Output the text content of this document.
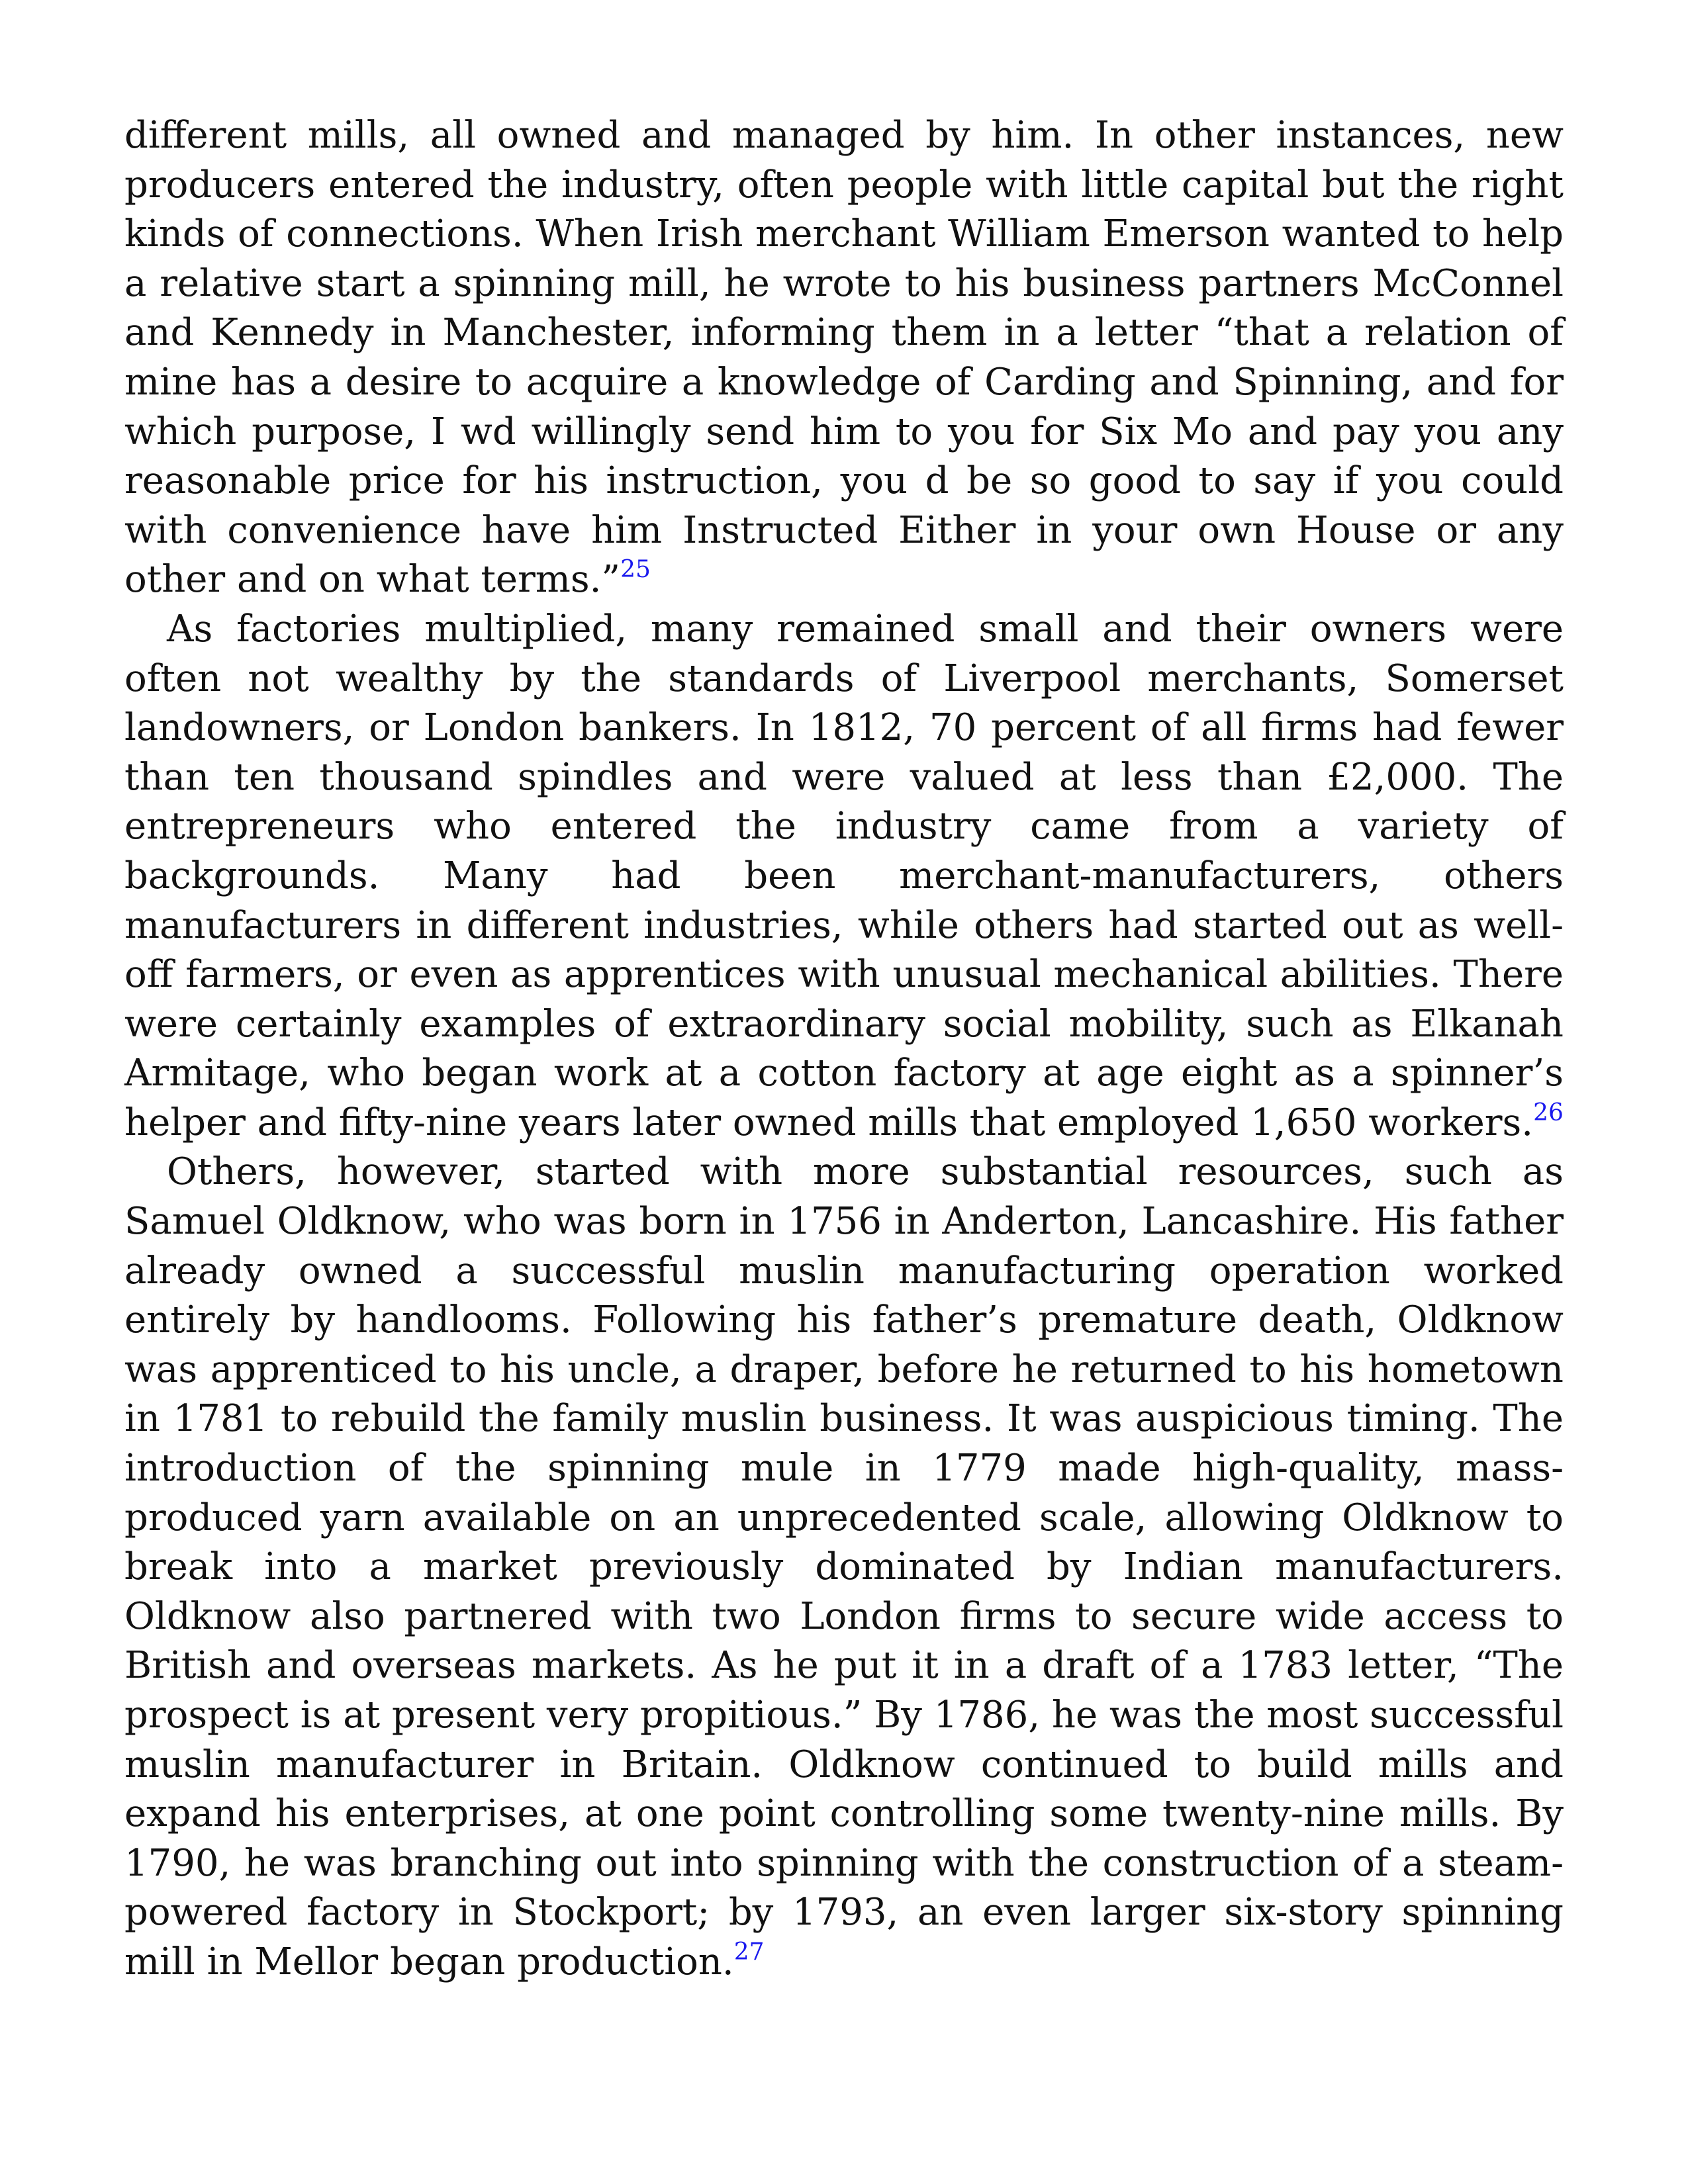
different mills, all owned and managed by him. In other instances, new producers entered the industry, often people with little capital but the right kinds of connections. When Irish merchant William Emerson wanted to help a relative start a spinning mill, he wrote to his business partners McConnel and Kennedy in Manchester, informing them in a letter “that a relation of mine has a desire to acquire a knowledge of Carding and Spinning, and for which purpose, I wd willingly send him to you for Six Mo and pay you any reasonable price for his instruction, you d be so good to say if you could with convenience have him Instructed Either in your own House or any other and on what terms.”$^{25}$

As factories multiplied, many remained small and their owners were often not wealthy by the standards of Liverpool merchants, Somerset landowners, or London bankers. In 1812, 70 percent of all firms had fewer than ten thousand spindles and were valued at less than £2,000. The entrepreneurs who entered the industry came from a variety of backgrounds. Many had been merchant-manufacturers, others manufacturers in different industries, while others had started out as well-off farmers, or even as apprentices with unusual mechanical abilities. There were certainly examples of extraordinary social mobility, such as Elkanah Armitage, who began work at a cotton factory at age eight as a spinner’s helper and fifty-nine years later owned mills that employed 1,650 workers.$^{26}$

Others, however, started with more substantial resources, such as Samuel Oldknow, who was born in 1756 in Anderton, Lancashire. His father already owned a successful muslin manufacturing operation worked entirely by handlooms. Following his father’s premature death, Oldknow was apprenticed to his uncle, a draper, before he returned to his hometown in 1781 to rebuild the family muslin business. It was auspicious timing. The introduction of the spinning mule in 1779 made high-quality, mass-produced yarn available on an unprecedented scale, allowing Oldknow to break into a market previously dominated by Indian manufacturers. Oldknow also partnered with two London firms to secure wide access to British and overseas markets. As he put it in a draft of a 1783 letter, “The prospect is at present very propitious.” By 1786, he was the most successful muslin manufacturer in Britain. Oldknow continued to build mills and expand his enterprises, at one point controlling some twenty-nine mills. By 1790, he was branching out into spinning with the construction of a steam-powered factory in Stockport; by 1793, an even larger six-story spinning mill in Mellor began production.$^{27}$
